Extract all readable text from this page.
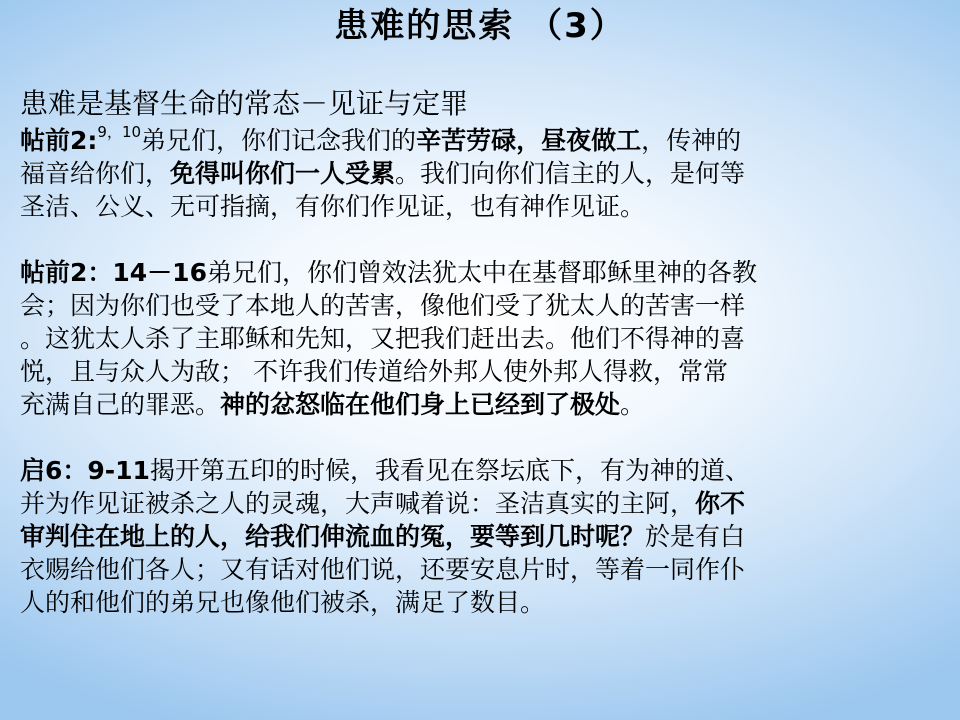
患难的思索 （3）
患难是基督生命的常态－见证与定罪
帖前2:$^{9,10}$弟兄们，你们记念我们的辛苦劳碌，昼夜做工，传神的
福音给你们，免得叫你们一人受累。我们向你们信主的人，是何等
圣洁、公义、无可指摘，有你们作见证，也有神作见证。
帖前2：14－16弟兄们，你们曾效法犹太中在基督耶稣里神的各教
会；因为你们也受了本地人的苦害，像他们受了犹太人的苦害一样
。这犹太人杀了主耶稣和先知，又把我们赶出去。他们不得神的喜
悦，且与众人为敌； 不许我们传道给外邦人使外邦人得救，常常
充满自己的罪恶。神的忿怒临在他们身上已经到了极处。
启6：9-11揭开第五印的时候，我看见在祭坛底下，有为神的道、
并为作见证被杀之人的灵魂，大声喊着说：圣洁真实的主阿，你不
审判住在地上的人，给我们伸流血的冤，要等到几时呢？於是有白
衣赐给他们各人；又有话对他们说，还要安息片时，等着一同作仆
人的和他们的弟兄也像他们被杀，满足了数目。
